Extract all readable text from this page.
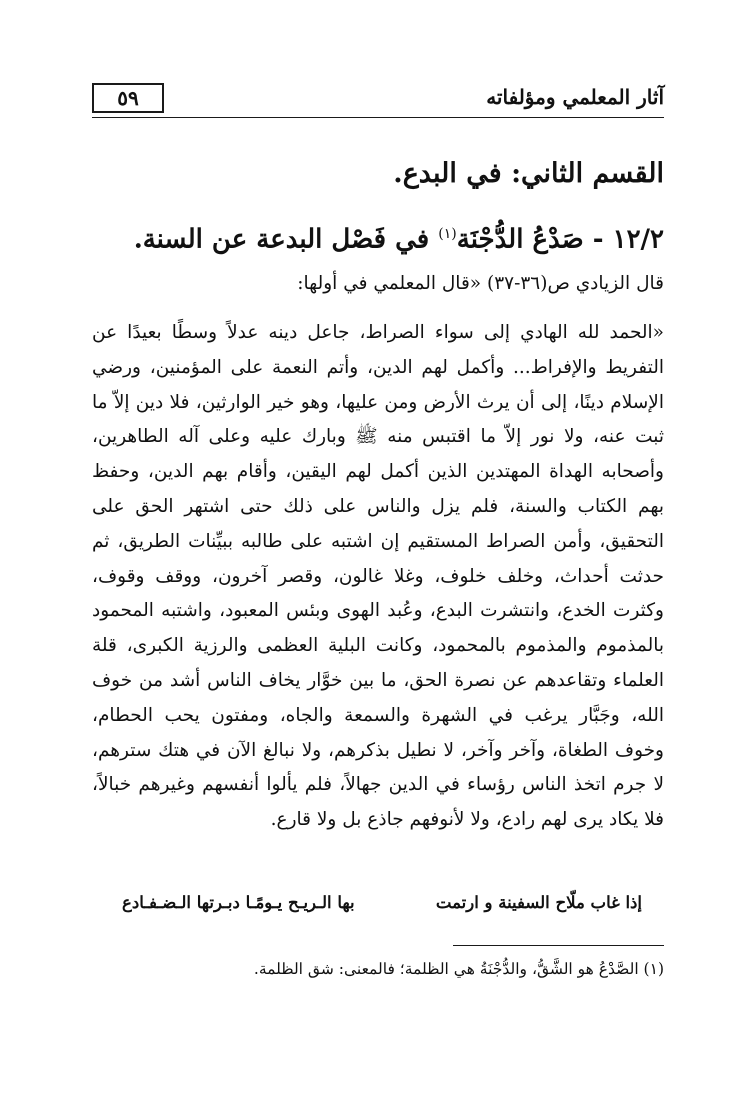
٥٩	آثار المعلمي ومؤلفاته
القسم الثاني: في البدع.
١٢/٢ - صَدْعُ الدُّجْنَة$^{(١)}$ في فَصْل البدعة عن السنة.
قال الزيادي ص(٣٦-٣٧) «قال المعلمي في أولها:
«الحمد لله الهادي إلى سواء الصراط، جاعل دينه عدلاً وسطًا بعيدًا عن التفريط والإفراط... وأكمل لهم الدين، وأتم النعمة على المؤمنين، ورضي الإسلام دينًا، إلى أن يرث الأرض ومن عليها، وهو خير الوارثين، فلا دين إلاّ ما ثبت عنه، ولا نور إلاّ ما اقتبس منه ﷺ وبارك عليه وعلى آله الطاهرين، وأصحابه الهداة المهتدين الذين أكمل لهم اليقين، وأقام بهم الدين، وحفظ بهم الكتاب والسنة، فلم يزل والناس على ذلك حتى اشتهر الحق على التحقيق، وأمن الصراط المستقيم إن اشتبه على طالبه ببيِّنات الطريق، ثم حدثت أحداث، وخلف خلوف، وغلا غالون، وقصر آخرون، ووقف وقوف، وكثرت الخدع، وانتشرت البدع، وعُبد الهوى وبئس المعبود، واشتبه المحمود بالمذموم والمذموم بالمحمود، وكانت البلية العظمى والرزية الكبرى، قلة العلماء وتقاعدهم عن نصرة الحق، ما بين خوَّار يخاف الناس أشد من خوف الله، وجَبَّار يرغب في الشهرة والسمعة والجاه، ومفتون يحب الحطام، وخوف الطغاة، وآخر وآخر، لا نطيل بذكرهم، ولا نبالغ الآن في هتك سترهم، لا جرم اتخذ الناس رؤساء في الدين جهالاً، فلم يألوا أنفسهم وغيرهم خبالاً، فلا يكاد يرى لهم رادع، ولا لأنوفهم جاذع بل ولا قارع.
إذا غاب ملّاح السفينة و ارتمت
بها الـريـح يـومًـا دبـرتها الـضـفـادع
(١) الصَّدْعُ هو الشَّقُّ، والدُّجْنَةُ هي الظلمة؛ فالمعنى: شق الظلمة.
